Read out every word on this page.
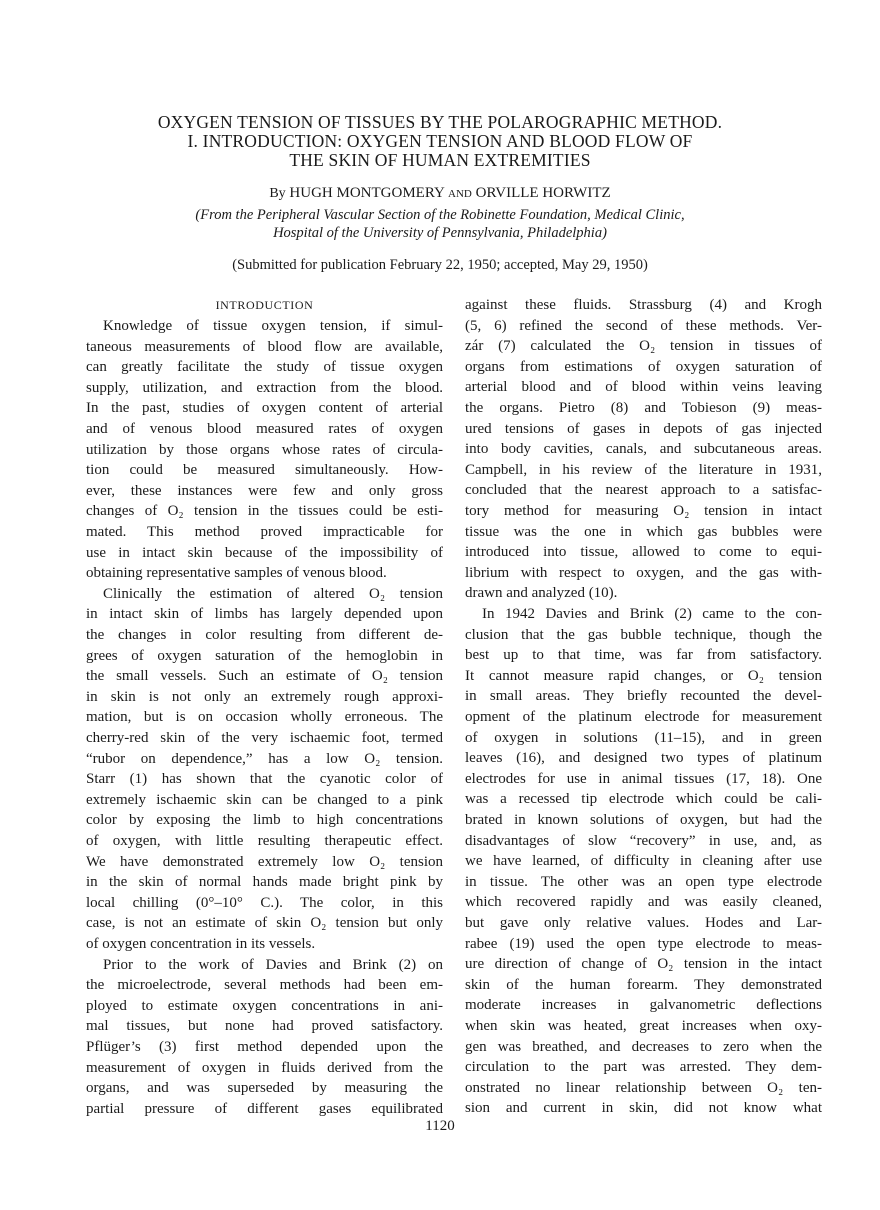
OXYGEN TENSION OF TISSUES BY THE POLAROGRAPHIC METHOD.
I. INTRODUCTION: OXYGEN TENSION AND BLOOD FLOW OF
THE SKIN OF HUMAN EXTREMITIES
By HUGH MONTGOMERY AND ORVILLE HORWITZ
(From the Peripheral Vascular Section of the Robinette Foundation, Medical Clinic,
Hospital of the University of Pennsylvania, Philadelphia)
(Submitted for publication February 22, 1950; accepted, May 29, 1950)
INTRODUCTION
Knowledge of tissue oxygen tension, if simul-
taneous measurements of blood flow are available,
can greatly facilitate the study of tissue oxygen
supply, utilization, and extraction from the blood.
In the past, studies of oxygen content of arterial
and of venous blood measured rates of oxygen
utilization by those organs whose rates of circula-
tion could be measured simultaneously. How-
ever, these instances were few and only gross
changes of O₂ tension in the tissues could be esti-
mated. This method proved impracticable for
use in intact skin because of the impossibility of
obtaining representative samples of venous blood.
Clinically the estimation of altered O₂ tension
in intact skin of limbs has largely depended upon
the changes in color resulting from different de-
grees of oxygen saturation of the hemoglobin in
the small vessels. Such an estimate of O₂ tension
in skin is not only an extremely rough approxi-
mation, but is on occasion wholly erroneous. The
cherry-red skin of the very ischaemic foot, termed
“rubor on dependence,” has a low O₂ tension.
Starr (1) has shown that the cyanotic color of
extremely ischaemic skin can be changed to a pink
color by exposing the limb to high concentrations
of oxygen, with little resulting therapeutic effect.
We have demonstrated extremely low O₂ tension
in the skin of normal hands made bright pink by
local chilling (0°–10° C.). The color, in this
case, is not an estimate of skin O₂ tension but only
of oxygen concentration in its vessels.
Prior to the work of Davies and Brink (2) on
the microelectrode, several methods had been em-
ployed to estimate oxygen concentrations in ani-
mal tissues, but none had proved satisfactory.
Pflüger’s (3) first method depended upon the
measurement of oxygen in fluids derived from the
organs, and was superseded by measuring the
partial pressure of different gases equilibrated
against these fluids. Strassburg (4) and Krogh
(5, 6) refined the second of these methods. Ver-
zár (7) calculated the O₂ tension in tissues of
organs from estimations of oxygen saturation of
arterial blood and of blood within veins leaving
the organs. Pietro (8) and Tobieson (9) meas-
ured tensions of gases in depots of gas injected
into body cavities, canals, and subcutaneous areas.
Campbell, in his review of the literature in 1931,
concluded that the nearest approach to a satisfac-
tory method for measuring O₂ tension in intact
tissue was the one in which gas bubbles were
introduced into tissue, allowed to come to equi-
librium with respect to oxygen, and the gas with-
drawn and analyzed (10).
In 1942 Davies and Brink (2) came to the con-
clusion that the gas bubble technique, though the
best up to that time, was far from satisfactory.
It cannot measure rapid changes, or O₂ tension
in small areas. They briefly recounted the devel-
opment of the platinum electrode for measurement
of oxygen in solutions (11–15), and in green
leaves (16), and designed two types of platinum
electrodes for use in animal tissues (17, 18). One
was a recessed tip electrode which could be cali-
brated in known solutions of oxygen, but had the
disadvantages of slow “recovery” in use, and, as
we have learned, of difficulty in cleaning after use
in tissue. The other was an open type electrode
which recovered rapidly and was easily cleaned,
but gave only relative values. Hodes and Lar-
rabee (19) used the open type electrode to meas-
ure direction of change of O₂ tension in the intact
skin of the human forearm. They demonstrated
moderate increases in galvanometric deflections
when skin was heated, great increases when oxy-
gen was breathed, and decreases to zero when the
circulation to the part was arrested. They dem-
onstrated no linear relationship between O₂ ten-
sion and current in skin, did not know what
1120
